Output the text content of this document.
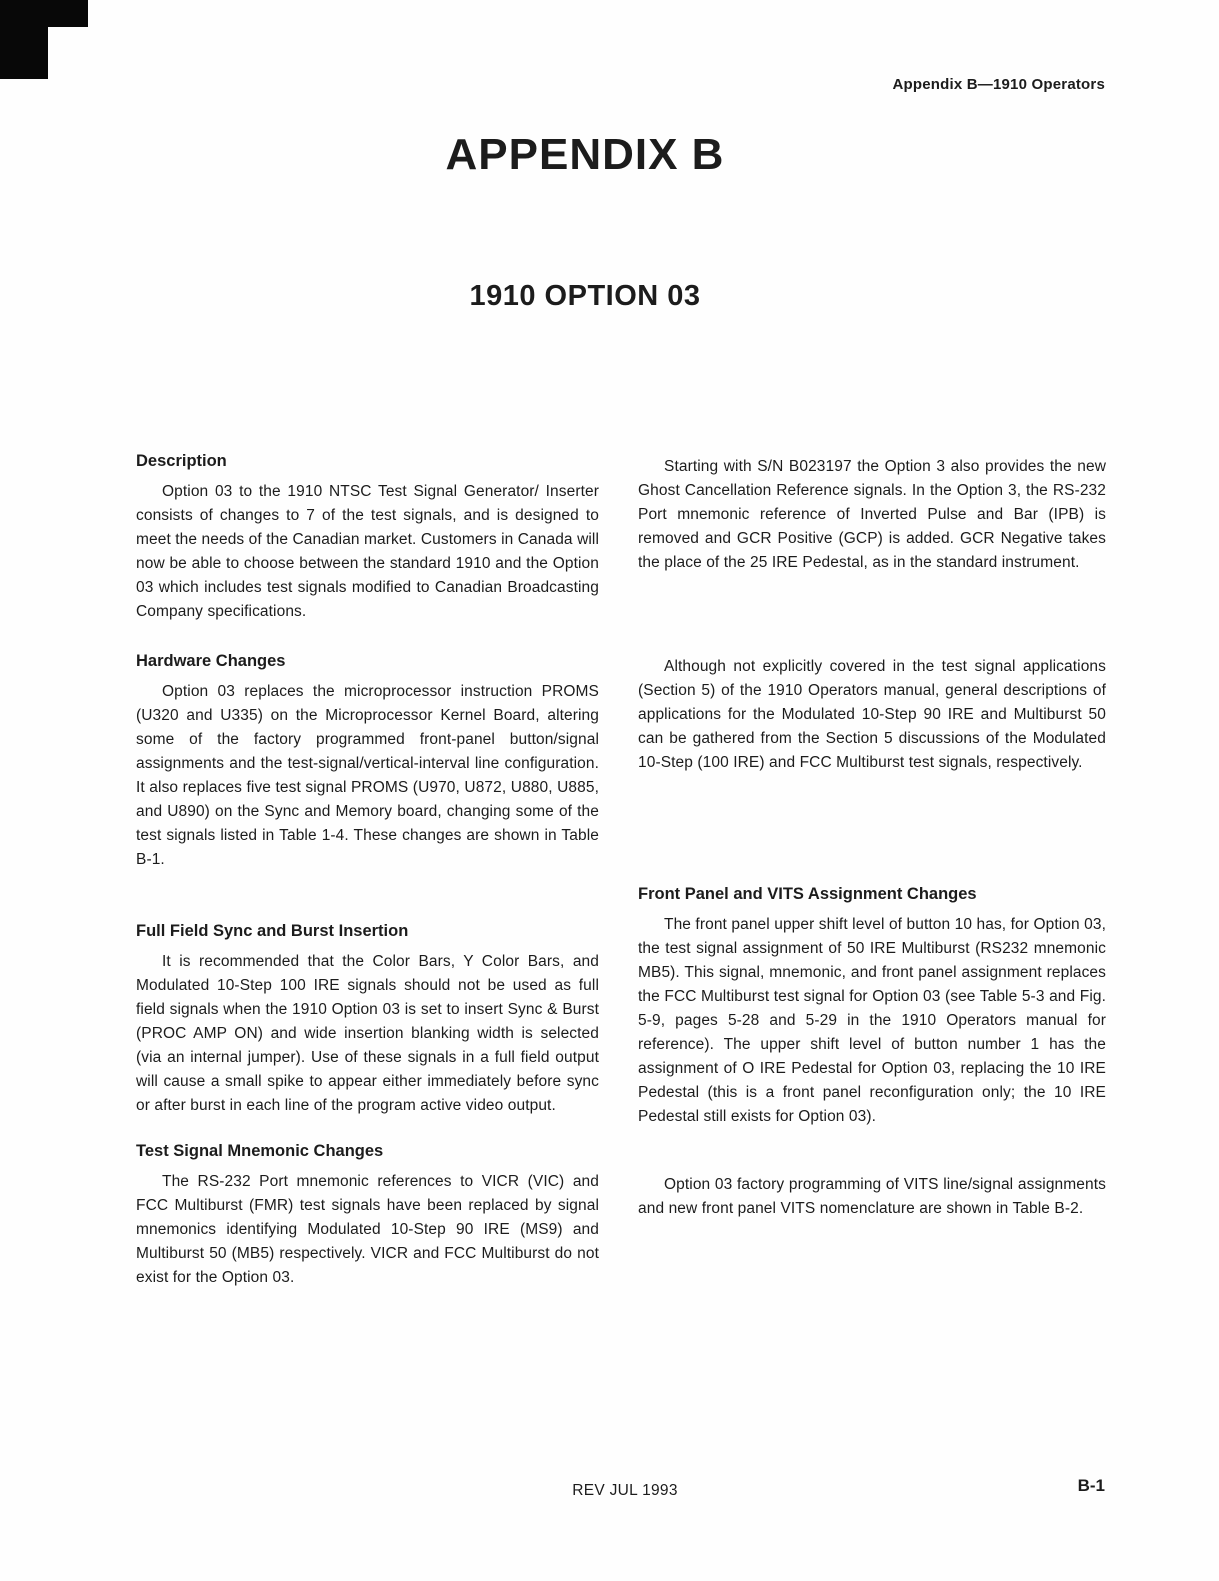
Appendix B—1910 Operators
APPENDIX B
1910 OPTION 03
Description

Option 03 to the 1910 NTSC Test Signal Generator/ Inserter consists of changes to 7 of the test signals, and is designed to meet the needs of the Canadian market. Customers in Canada will now be able to choose between the standard 1910 and the Option 03 which includes test signals modified to Canadian Broadcasting Company specifications.

Hardware Changes

Option 03 replaces the microprocessor instruction PROMS (U320 and U335) on the Microprocessor Kernel Board, altering some of the factory programmed front-panel button/signal assignments and the test-signal/vertical-interval line configuration. It also replaces five test signal PROMS (U970, U872, U880, U885, and U890) on the Sync and Memory board, changing some of the test signals listed in Table 1-4. These changes are shown in Table B-1.

Full Field Sync and Burst Insertion

It is recommended that the Color Bars, Y Color Bars, and Modulated 10-Step 100 IRE signals should not be used as full field signals when the 1910 Option 03 is set to insert Sync & Burst (PROC AMP ON) and wide insertion blanking width is selected (via an internal jumper). Use of these signals in a full field output will cause a small spike to appear either immediately before sync or after burst in each line of the program active video output.

Test Signal Mnemonic Changes

The RS-232 Port mnemonic references to VICR (VIC) and FCC Multiburst (FMR) test signals have been replaced by signal mnemonics identifying Modulated 10-Step 90 IRE (MS9) and Multiburst 50 (MB5) respectively. VICR and FCC Multiburst do not exist for the Option 03.

Starting with S/N B023197 the Option 3 also provides the new Ghost Cancellation Reference signals. In the Option 3, the RS-232 Port mnemonic reference of Inverted Pulse and Bar (IPB) is removed and GCR Positive (GCP) is added. GCR Negative takes the place of the 25 IRE Pedestal, as in the standard instrument.

Although not explicitly covered in the test signal applications (Section 5) of the 1910 Operators manual, general descriptions of applications for the Modulated 10-Step 90 IRE and Multiburst 50 can be gathered from the Section 5 discussions of the Modulated 10-Step (100 IRE) and FCC Multiburst test signals, respectively.

Front Panel and VITS Assignment Changes

The front panel upper shift level of button 10 has, for Option 03, the test signal assignment of 50 IRE Multiburst (RS232 mnemonic MB5). This signal, mnemonic, and front panel assignment replaces the FCC Multiburst test signal for Option 03 (see Table 5-3 and Fig. 5-9, pages 5-28 and 5-29 in the 1910 Operators manual for reference). The upper shift level of button number 1 has the assignment of O IRE Pedestal for Option 03, replacing the 10 IRE Pedestal (this is a front panel reconfiguration only; the 10 IRE Pedestal still exists for Option 03).

Option 03 factory programming of VITS line/signal assignments and new front panel VITS nomenclature are shown in Table B-2.

REV JUL 1993	B-1
